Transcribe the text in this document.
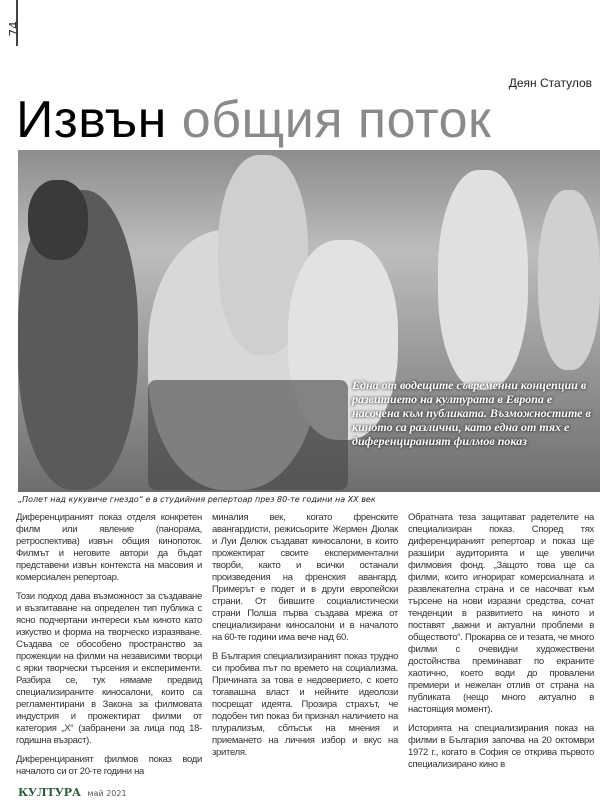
74
Деян Статулов
Извън общия поток
Една от водещите съвременни концепции в развитието на културата в Европа е насочена към публиката. Възможностите в киното са различни, като една от тях е диференцираният филмов показ
„Полет над кукувиче гнездо“ е в студийния репертоар през 80-те години на ХХ век

Диференцираният показ отделя конкретен филм или явление (панорама, ретроспектива) извън общия кинопоток. Филмът и неговите автори да бъдат представени извън контекста на масовия и комерсиален репертоар.

Този подход дава възможност за създаване и възпитаване на определен тип публика с ясно подчертани интереси към киното като изкуство и форма на творческо изразяване. Създава се обособено пространство за прожекции на филми на независими творци с ярки творчески търсения и експерименти. Разбира се, тук нямаме предвид специализираните киносалони, които са регламентирани в Закона за филмовата индустрия и прожектират филми от категория „Х“ (забранени за лица под 18-годишна възраст).

Диференцираният филмов показ води началото си от 20-те години на

миналия век, когато френските авангардисти, режисьорите Жермен Дюлак и Луи Делюк създават киносалони, в които прожектират своите експериментални творби, както и всички останали произведения на френския авангард. Примерът е подет и в други европейски страни. От бившите социалистически страни Полша първа създава мрежа от специализирани киносалони и в началото на 60-те години има вече над 60.

В България специализираният показ трудно си пробива път по времето на социализма. Причината за това е недоверието, с което тогавашна власт и нейните идеолози посрещат идеята. Прозира страхът, че подобен тип показ би признал наличието на плурализъм, сблъсък на мнения и приемането на личния избор и вкус на зрителя.

Обратната теза защитават радетелите на специализиран показ. Според тях диференцираният репертоар и показ ще разшири аудиторията и ще увеличи филмовия фонд. „Защото това ще са филми, които игнорират комерсиалната и развлекателна страна и се насочват към търсене на нови изразни средства, сочат тенденции в развитието на киното и поставят „важни и актуални проблеми в обществото“. Прокарва се и тезата, че много филми с очевидни художествени достойнства преминават по екраните хаотично, което води до провалени премиери и нежелан отлив от страна на публиката (нещо много актуално в настоящия момент).

Историята на специализирания показ на филми в България започва на 20 октомври 1972 г., когато в София се открива първото специализирано кино в

КУЛТУРА май 2021
